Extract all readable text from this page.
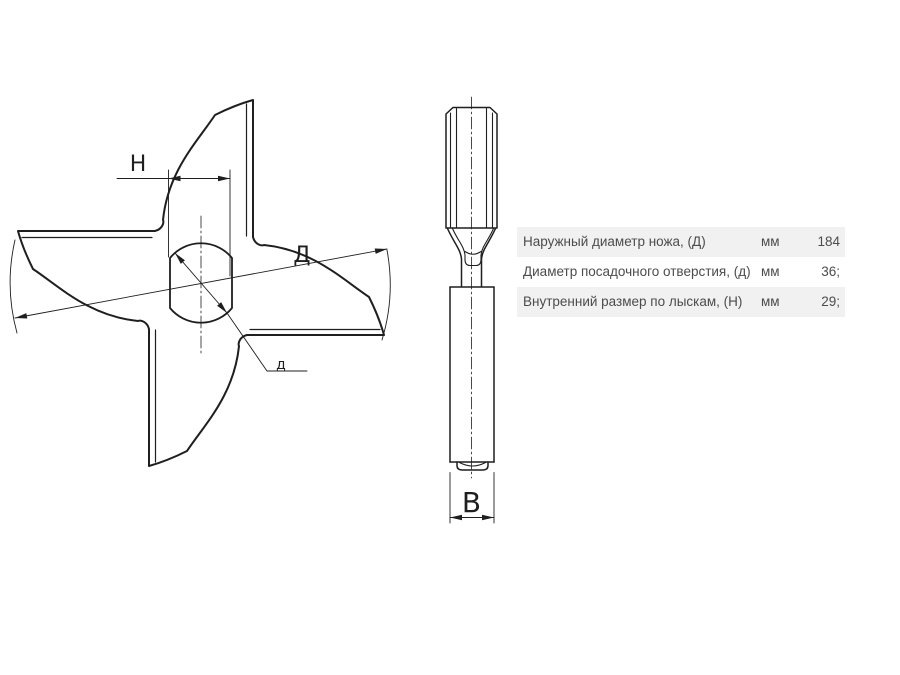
Д
д
Н
В
Наружный диаметр ножа, (Д)	мм	184
Диаметр посадочного отверстия, (д) мм	36;
Внутренний размер по лыскам, (Н)	мм	29;
